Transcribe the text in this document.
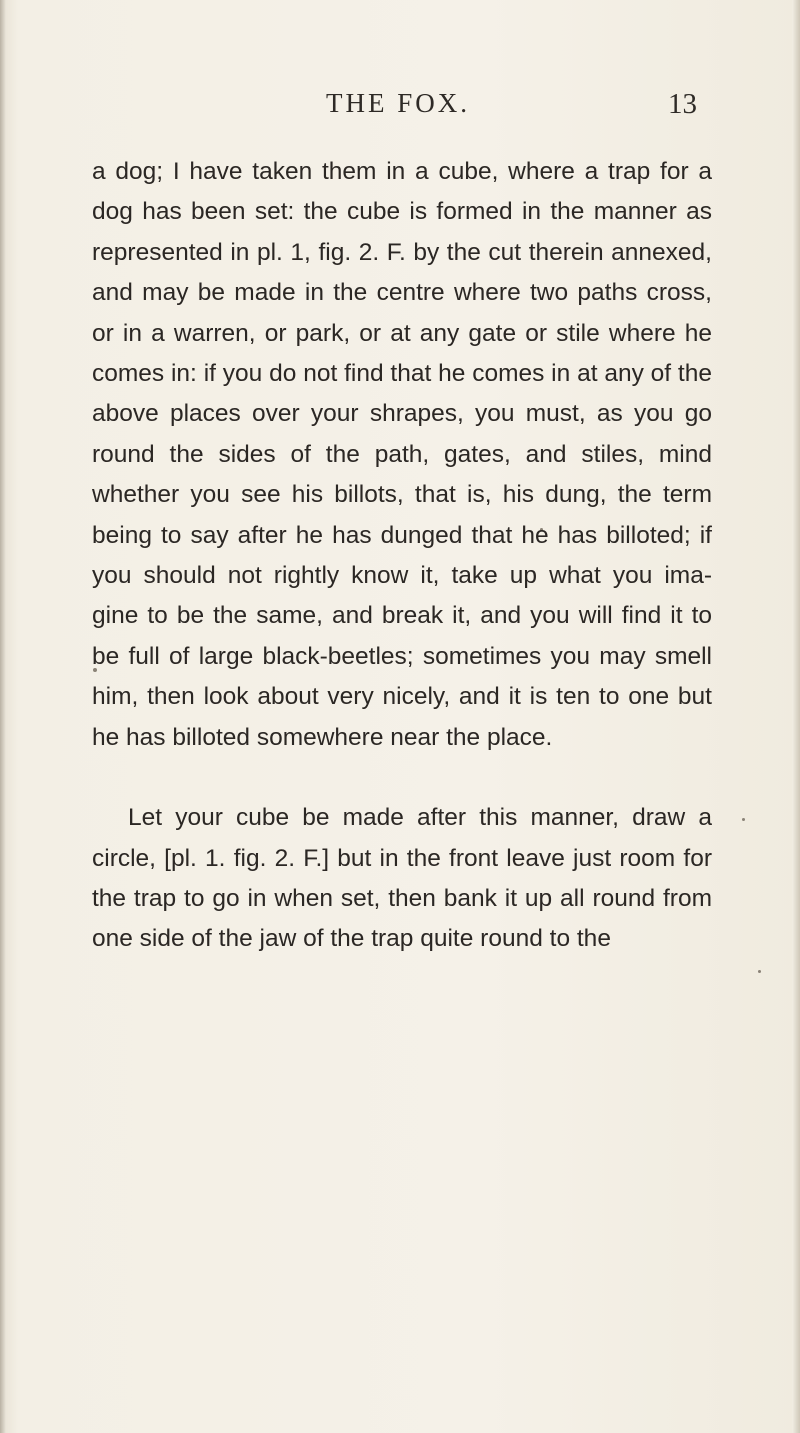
THE FOX.	13

a dog; I have taken them in a cube, where a trap for a dog has been set: the cube is formed in the manner as represented in pl. 1, fig. 2. F. by the cut therein annexed, and may be made in the centre where two paths cross, or in a warren, or park, or at any gate or stile where he comes in: if you do not find that he comes in at any of the above places over your shrapes, you must, as you go round the sides of the path, gates, and stiles, mind whether you see his billots, that is, his dung, the term being to say after he has dunged that he has billoted; if you should not rightly know it, take up what you ima- gine to be the same, and break it, and you will find it to be full of large black-beetles; sometimes you may smell him, then look about very nicely, and it is ten to one but he has billoted somewhere near the place.

Let your cube be made after this manner, draw a circle, [pl. 1. fig. 2. F.] but in the front leave just room for the trap to go in when set, then bank it up all round from one side of the jaw of the trap quite round to the
